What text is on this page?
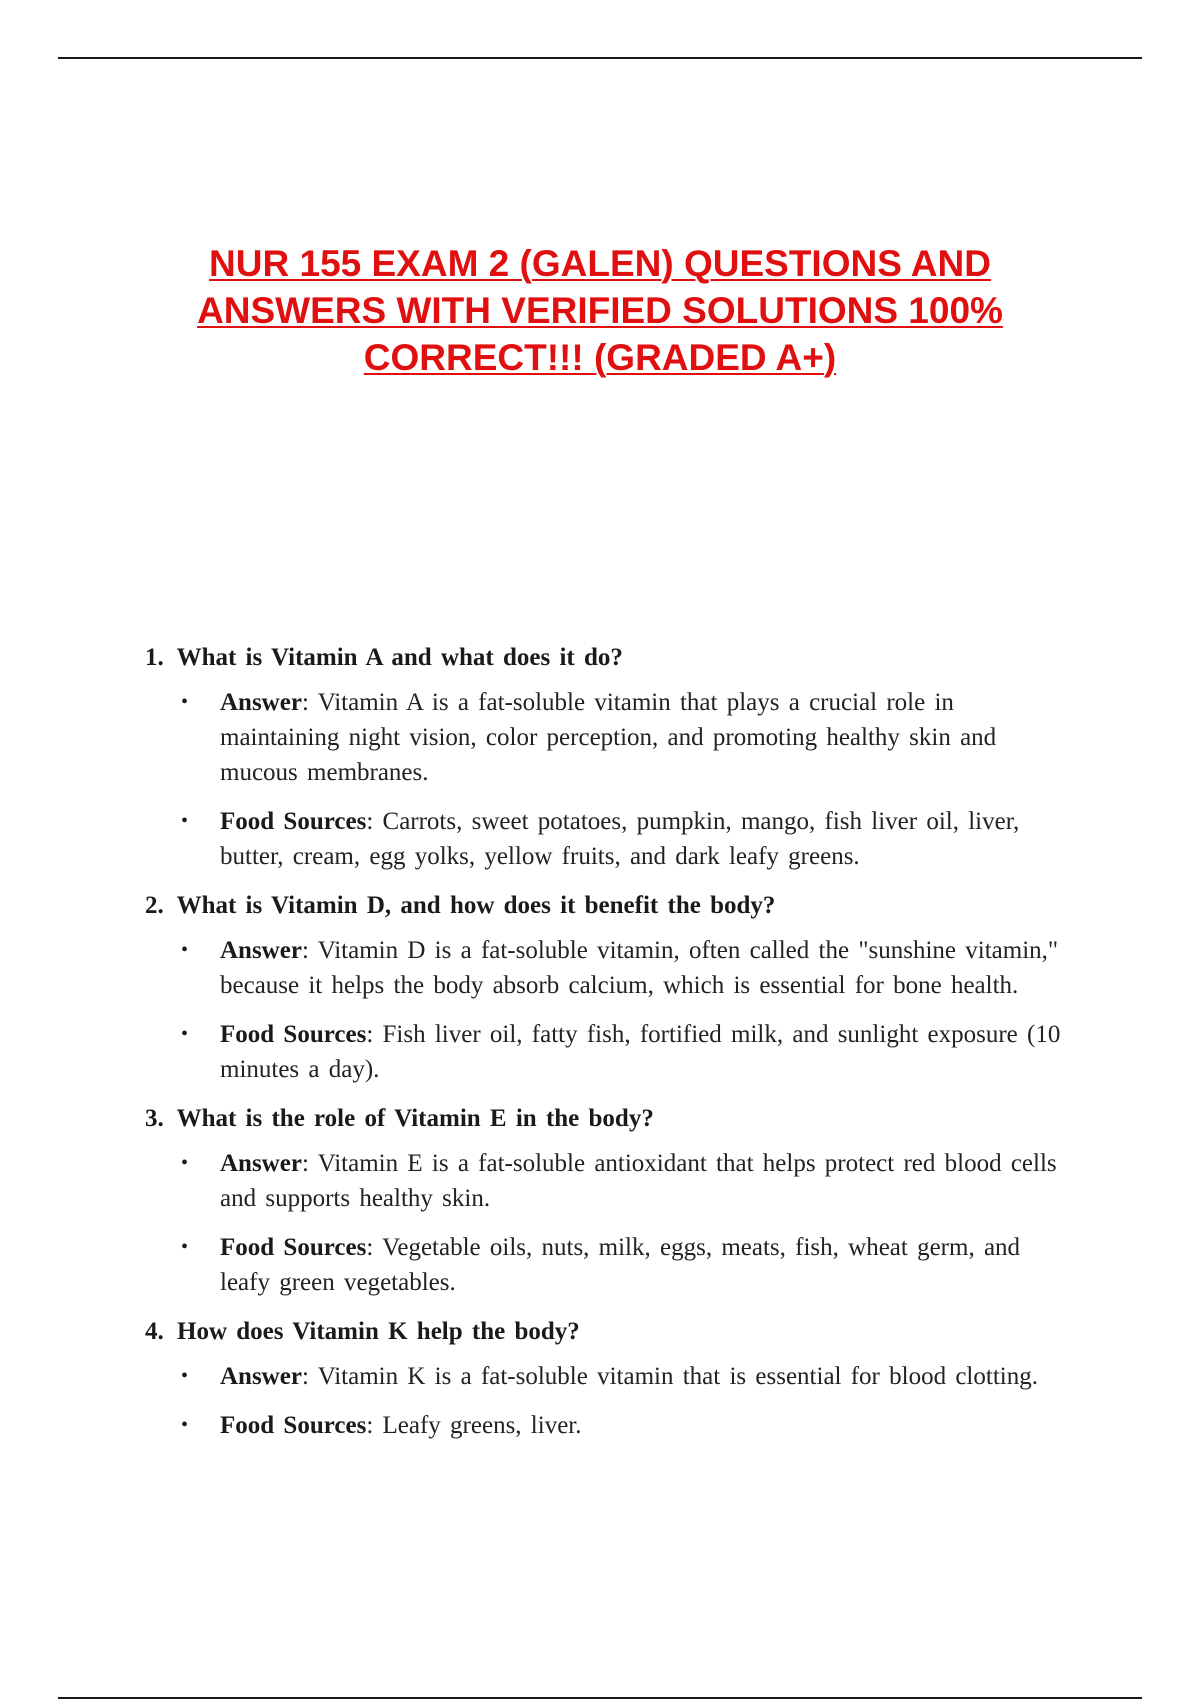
NUR 155 EXAM 2 (GALEN) QUESTIONS AND
ANSWERS WITH VERIFIED SOLUTIONS 100%
CORRECT!!! (GRADED A+)

1. What is Vitamin A and what does it do?

• Answer: Vitamin A is a fat-soluble vitamin that plays a crucial role in maintaining night vision, color perception, and promoting healthy skin and mucous membranes.
• Food Sources: Carrots, sweet potatoes, pumpkin, mango, fish liver oil, liver, butter, cream, egg yolks, yellow fruits, and dark leafy greens.

2. What is Vitamin D, and how does it benefit the body?

• Answer: Vitamin D is a fat-soluble vitamin, often called the "sunshine vitamin," because it helps the body absorb calcium, which is essential for bone health.
• Food Sources: Fish liver oil, fatty fish, fortified milk, and sunlight exposure (10 minutes a day).

3. What is the role of Vitamin E in the body?

• Answer: Vitamin E is a fat-soluble antioxidant that helps protect red blood cells and supports healthy skin.
• Food Sources: Vegetable oils, nuts, milk, eggs, meats, fish, wheat germ, and leafy green vegetables.

4. How does Vitamin K help the body?

• Answer: Vitamin K is a fat-soluble vitamin that is essential for blood clotting.
• Food Sources: Leafy greens, liver.
